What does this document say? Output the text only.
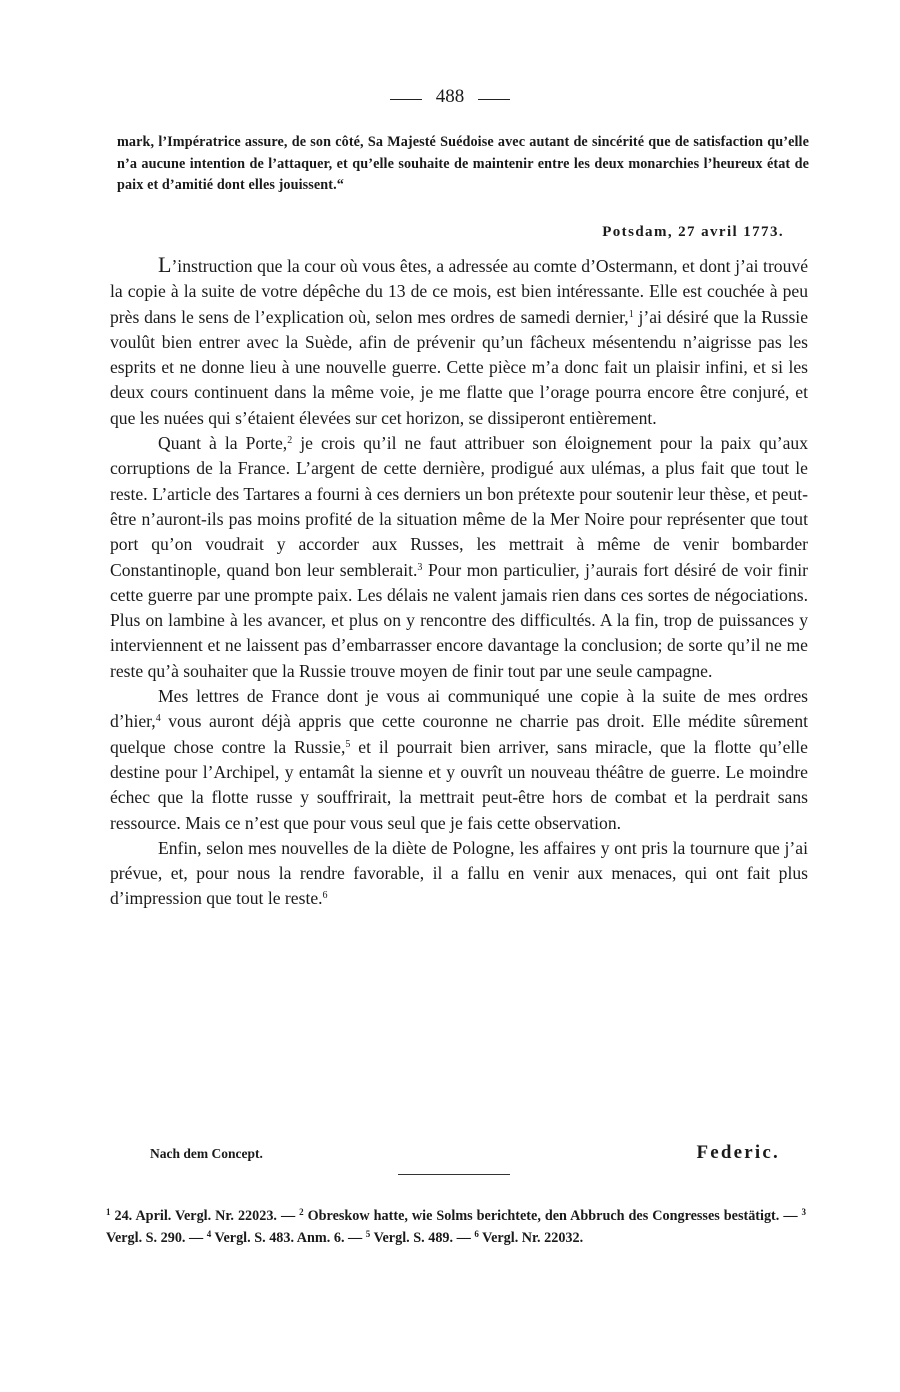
488
mark, l’Impératrice assure, de son côté, Sa Majesté Suédoise avec autant de sincérité que de satisfaction qu’elle n’a aucune intention de l’attaquer, et qu’elle souhaite de maintenir entre les deux monarchies l’heureux état de paix et d’amitié dont elles jouissent.“
Potsdam, 27 avril 1773.

L’instruction que la cour où vous êtes, a adressée au comte d’Ostermann, et dont j’ai trouvé la copie à la suite de votre dépêche du 13 de ce mois, est bien intéressante. Elle est couchée à peu près dans le sens de l’explication où, selon mes ordres de samedi dernier,$^1$ j’ai désiré que la Russie voulût bien entrer avec la Suède, afin de prévenir qu’un fâcheux mésentendu n’aigrisse pas les esprits et ne donne lieu à une nouvelle guerre. Cette pièce m’a donc fait un plaisir infini, et si les deux cours continuent dans la même voie, je me flatte que l’orage pourra encore être conjuré, et que les nuées qui s’étaient élevées sur cet horizon, se dissiperont entièrement.

Quant à la Porte,$^2$ je crois qu’il ne faut attribuer son éloignement pour la paix qu’aux corruptions de la France. L’argent de cette dernière, prodigué aux ulémas, a plus fait que tout le reste. L’article des Tartares a fourni à ces derniers un bon prétexte pour soutenir leur thèse, et peut-être n’auront-ils pas moins profité de la situation même de la Mer Noire pour représenter que tout port qu’on voudrait y accorder aux Russes, les mettrait à même de venir bombarder Constantinople, quand bon leur semblerait.$^3$ Pour mon particulier, j’aurais fort désiré de voir finir cette guerre par une prompte paix. Les délais ne valent jamais rien dans ces sortes de négociations. Plus on lambine à les avancer, et plus on y rencontre des difficultés. A la fin, trop de puissances y interviennent et ne laissent pas d’embarrasser encore davantage la conclusion; de sorte qu’il ne me reste qu’à souhaiter que la Russie trouve moyen de finir tout par une seule campagne.

Mes lettres de France dont je vous ai communiqué une copie à la suite de mes ordres d’hier,$^4$ vous auront déjà appris que cette couronne ne charrie pas droit. Elle médite sûrement quelque chose contre la Russie,$^5$ et il pourrait bien arriver, sans miracle, que la flotte qu’elle destine pour l’Archipel, y entamât la sienne et y ouvrît un nouveau théâtre de guerre. Le moindre échec que la flotte russe y souffrirait, la mettrait peut-être hors de combat et la perdrait sans ressource. Mais ce n’est que pour vous seul que je fais cette observation.

Enfin, selon mes nouvelles de la diète de Pologne, les affaires y ont pris la tournure que j’ai prévue, et, pour nous la rendre favorable, il a fallu en venir aux menaces, qui ont fait plus d’impression que tout le reste.$^6$

Nach dem Concept.	Federic.
$^1$ 24. April. Vergl. Nr. 22023. — $^2$ Obreskow hatte, wie Solms berichtete, den Abbruch des Congresses bestätigt. — $^3$ Vergl. S. 290. — $^4$ Vergl. S. 483. Anm. 6. — $^5$ Vergl. S. 489. — $^6$ Vergl. Nr. 22032.
